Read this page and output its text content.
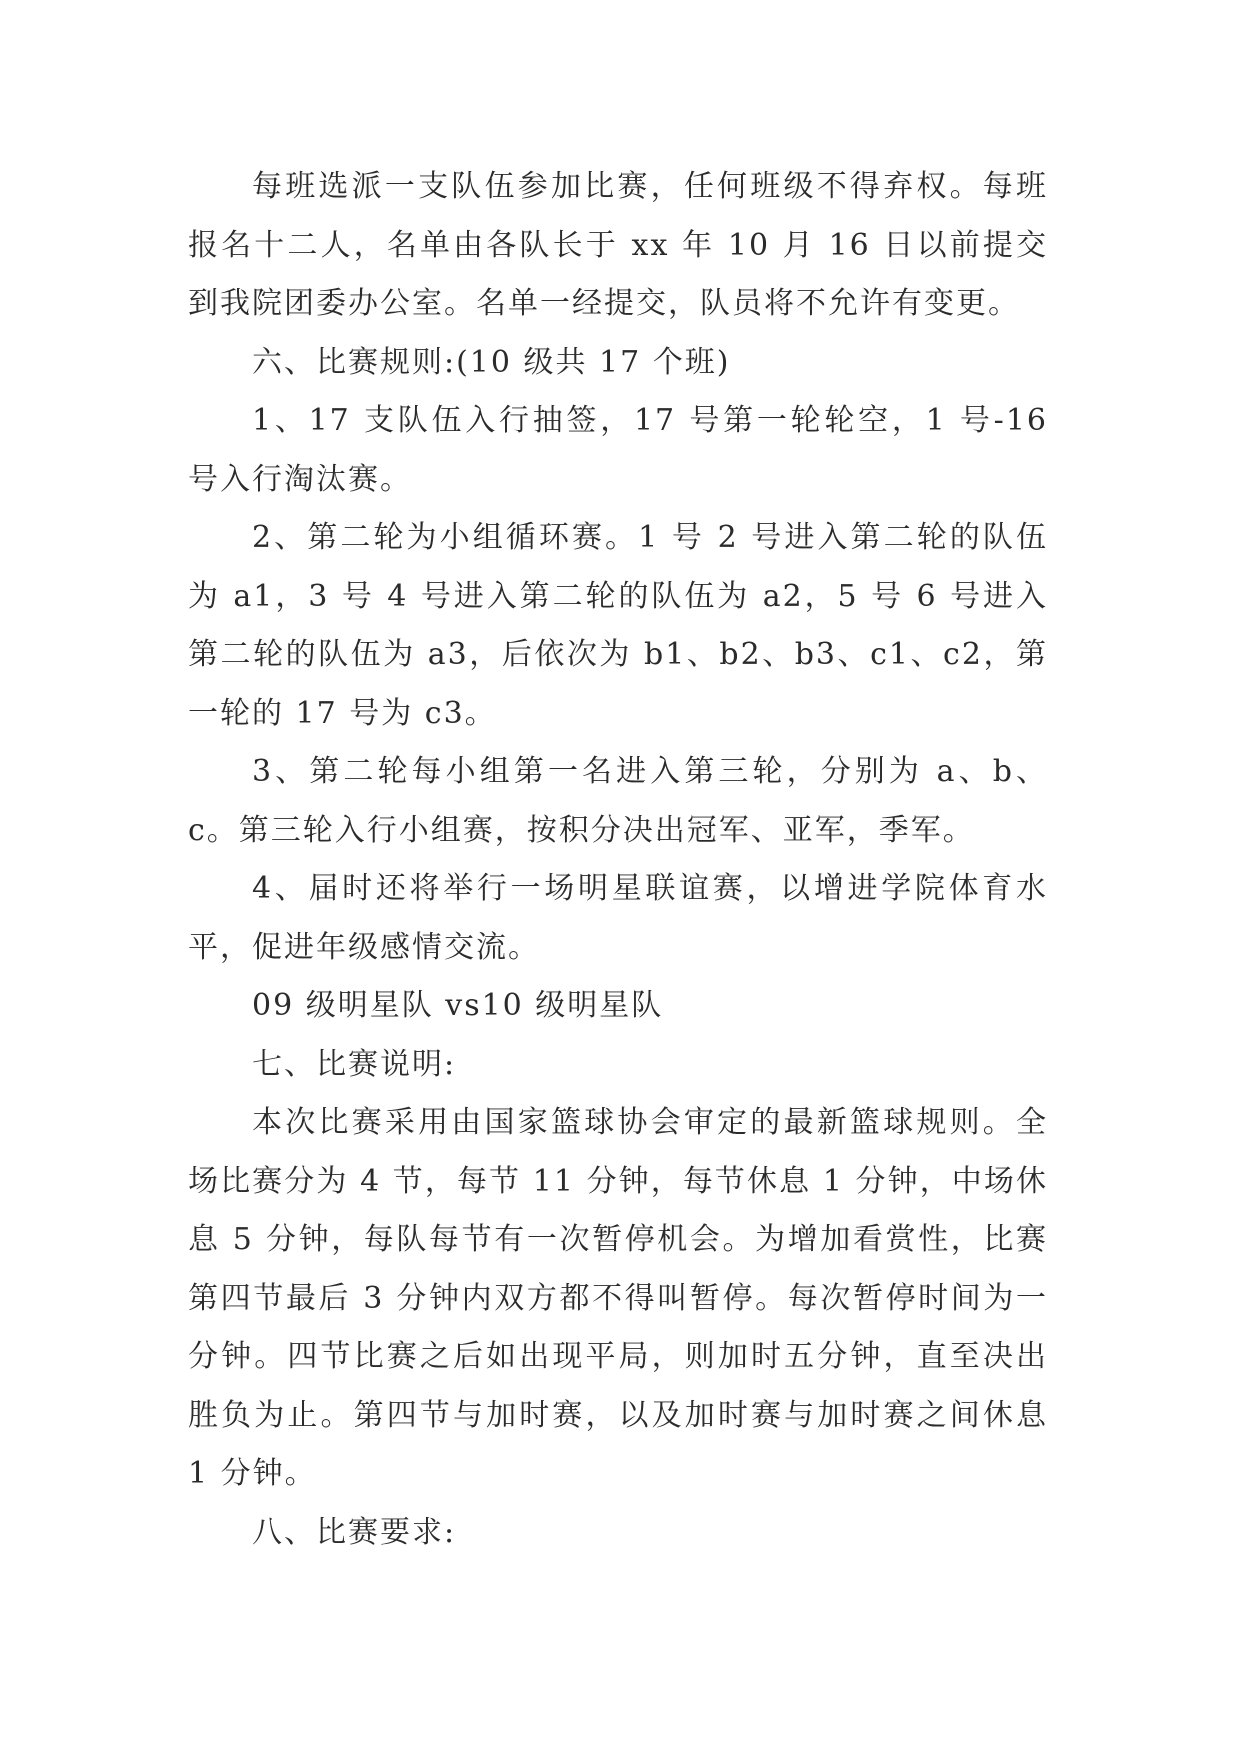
每班选派一支队伍参加比赛，任何班级不得弃权。每班报名十二人，名单由各队长于 xx 年 10 月 16 日以前提交到我院团委办公室。名单一经提交，队员将不允许有变更。

六、比赛规则:(10 级共 17 个班)

1、17 支队伍入行抽签，17 号第一轮轮空，1 号-16 号入行淘汰赛。

2、第二轮为小组循环赛。1 号 2 号进入第二轮的队伍为 a1，3 号 4 号进入第二轮的队伍为 a2，5 号 6 号进入第二轮的队伍为 a3，后依次为 b1、b2、b3、c1、c2，第一轮的 17 号为 c3。

3、第二轮每小组第一名进入第三轮，分别为 a、b、c。第三轮入行小组赛，按积分决出冠军、亚军，季军。

4、届时还将举行一场明星联谊赛，以增进学院体育水平，促进年级感情交流。

09 级明星队 vs10 级明星队

七、比赛说明:

本次比赛采用由国家篮球协会审定的最新篮球规则。全场比赛分为 4 节，每节 11 分钟，每节休息 1 分钟，中场休息 5 分钟，每队每节有一次暂停机会。为增加看赏性，比赛第四节最后 3 分钟内双方都不得叫暂停。每次暂停时间为一分钟。四节比赛之后如出现平局，则加时五分钟，直至决出胜负为止。第四节与加时赛，以及加时赛与加时赛之间休息 1 分钟。

八、比赛要求:
